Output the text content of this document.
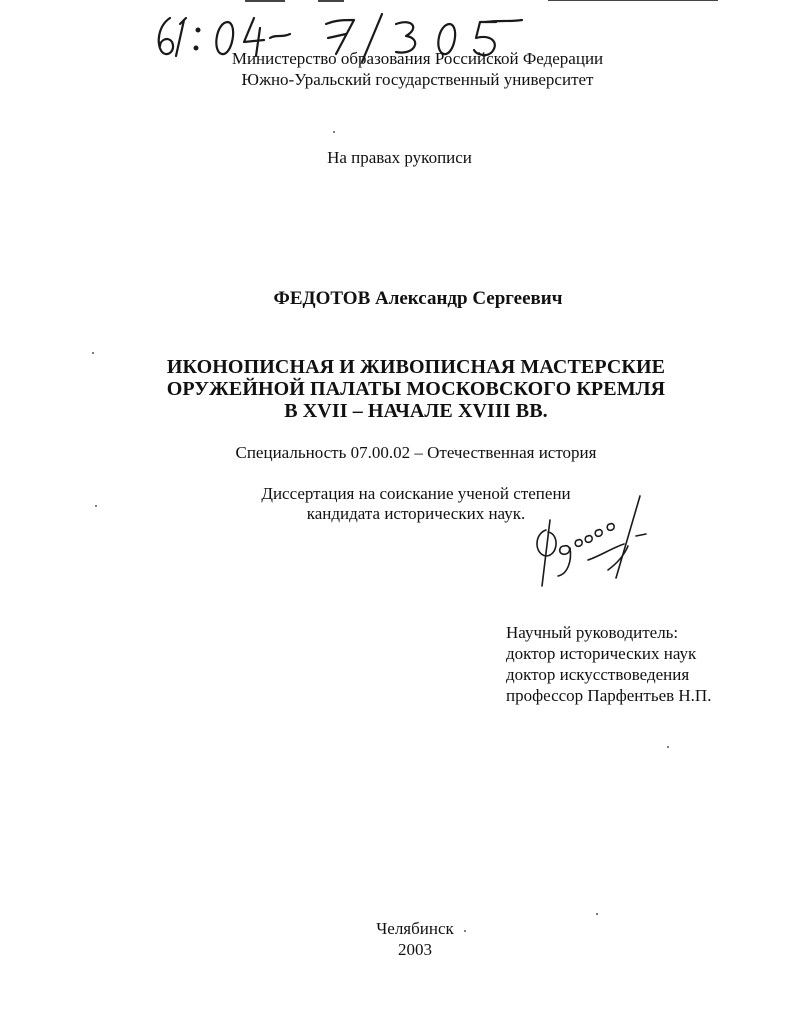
Министерство образования Российской Федерации
Южно-Уральский государственный университет
На правах рукописи
ФЕДОТОВ Александр Сергеевич
ИКОНОПИСНАЯ И ЖИВОПИСНАЯ МАСТЕРСКИЕ
ОРУЖЕЙНОЙ ПАЛАТЫ МОСКОВСКОГО КРЕМЛЯ
В XVII – НАЧАЛЕ XVIII ВВ.
Специальность 07.00.02 – Отечественная история
Диссертация на соискание ученой степени
кандидата исторических наук.
Научный руководитель:
доктор исторических наук
доктор искусствоведения
профессор Парфентьев Н.П.
Челябинск
2003
